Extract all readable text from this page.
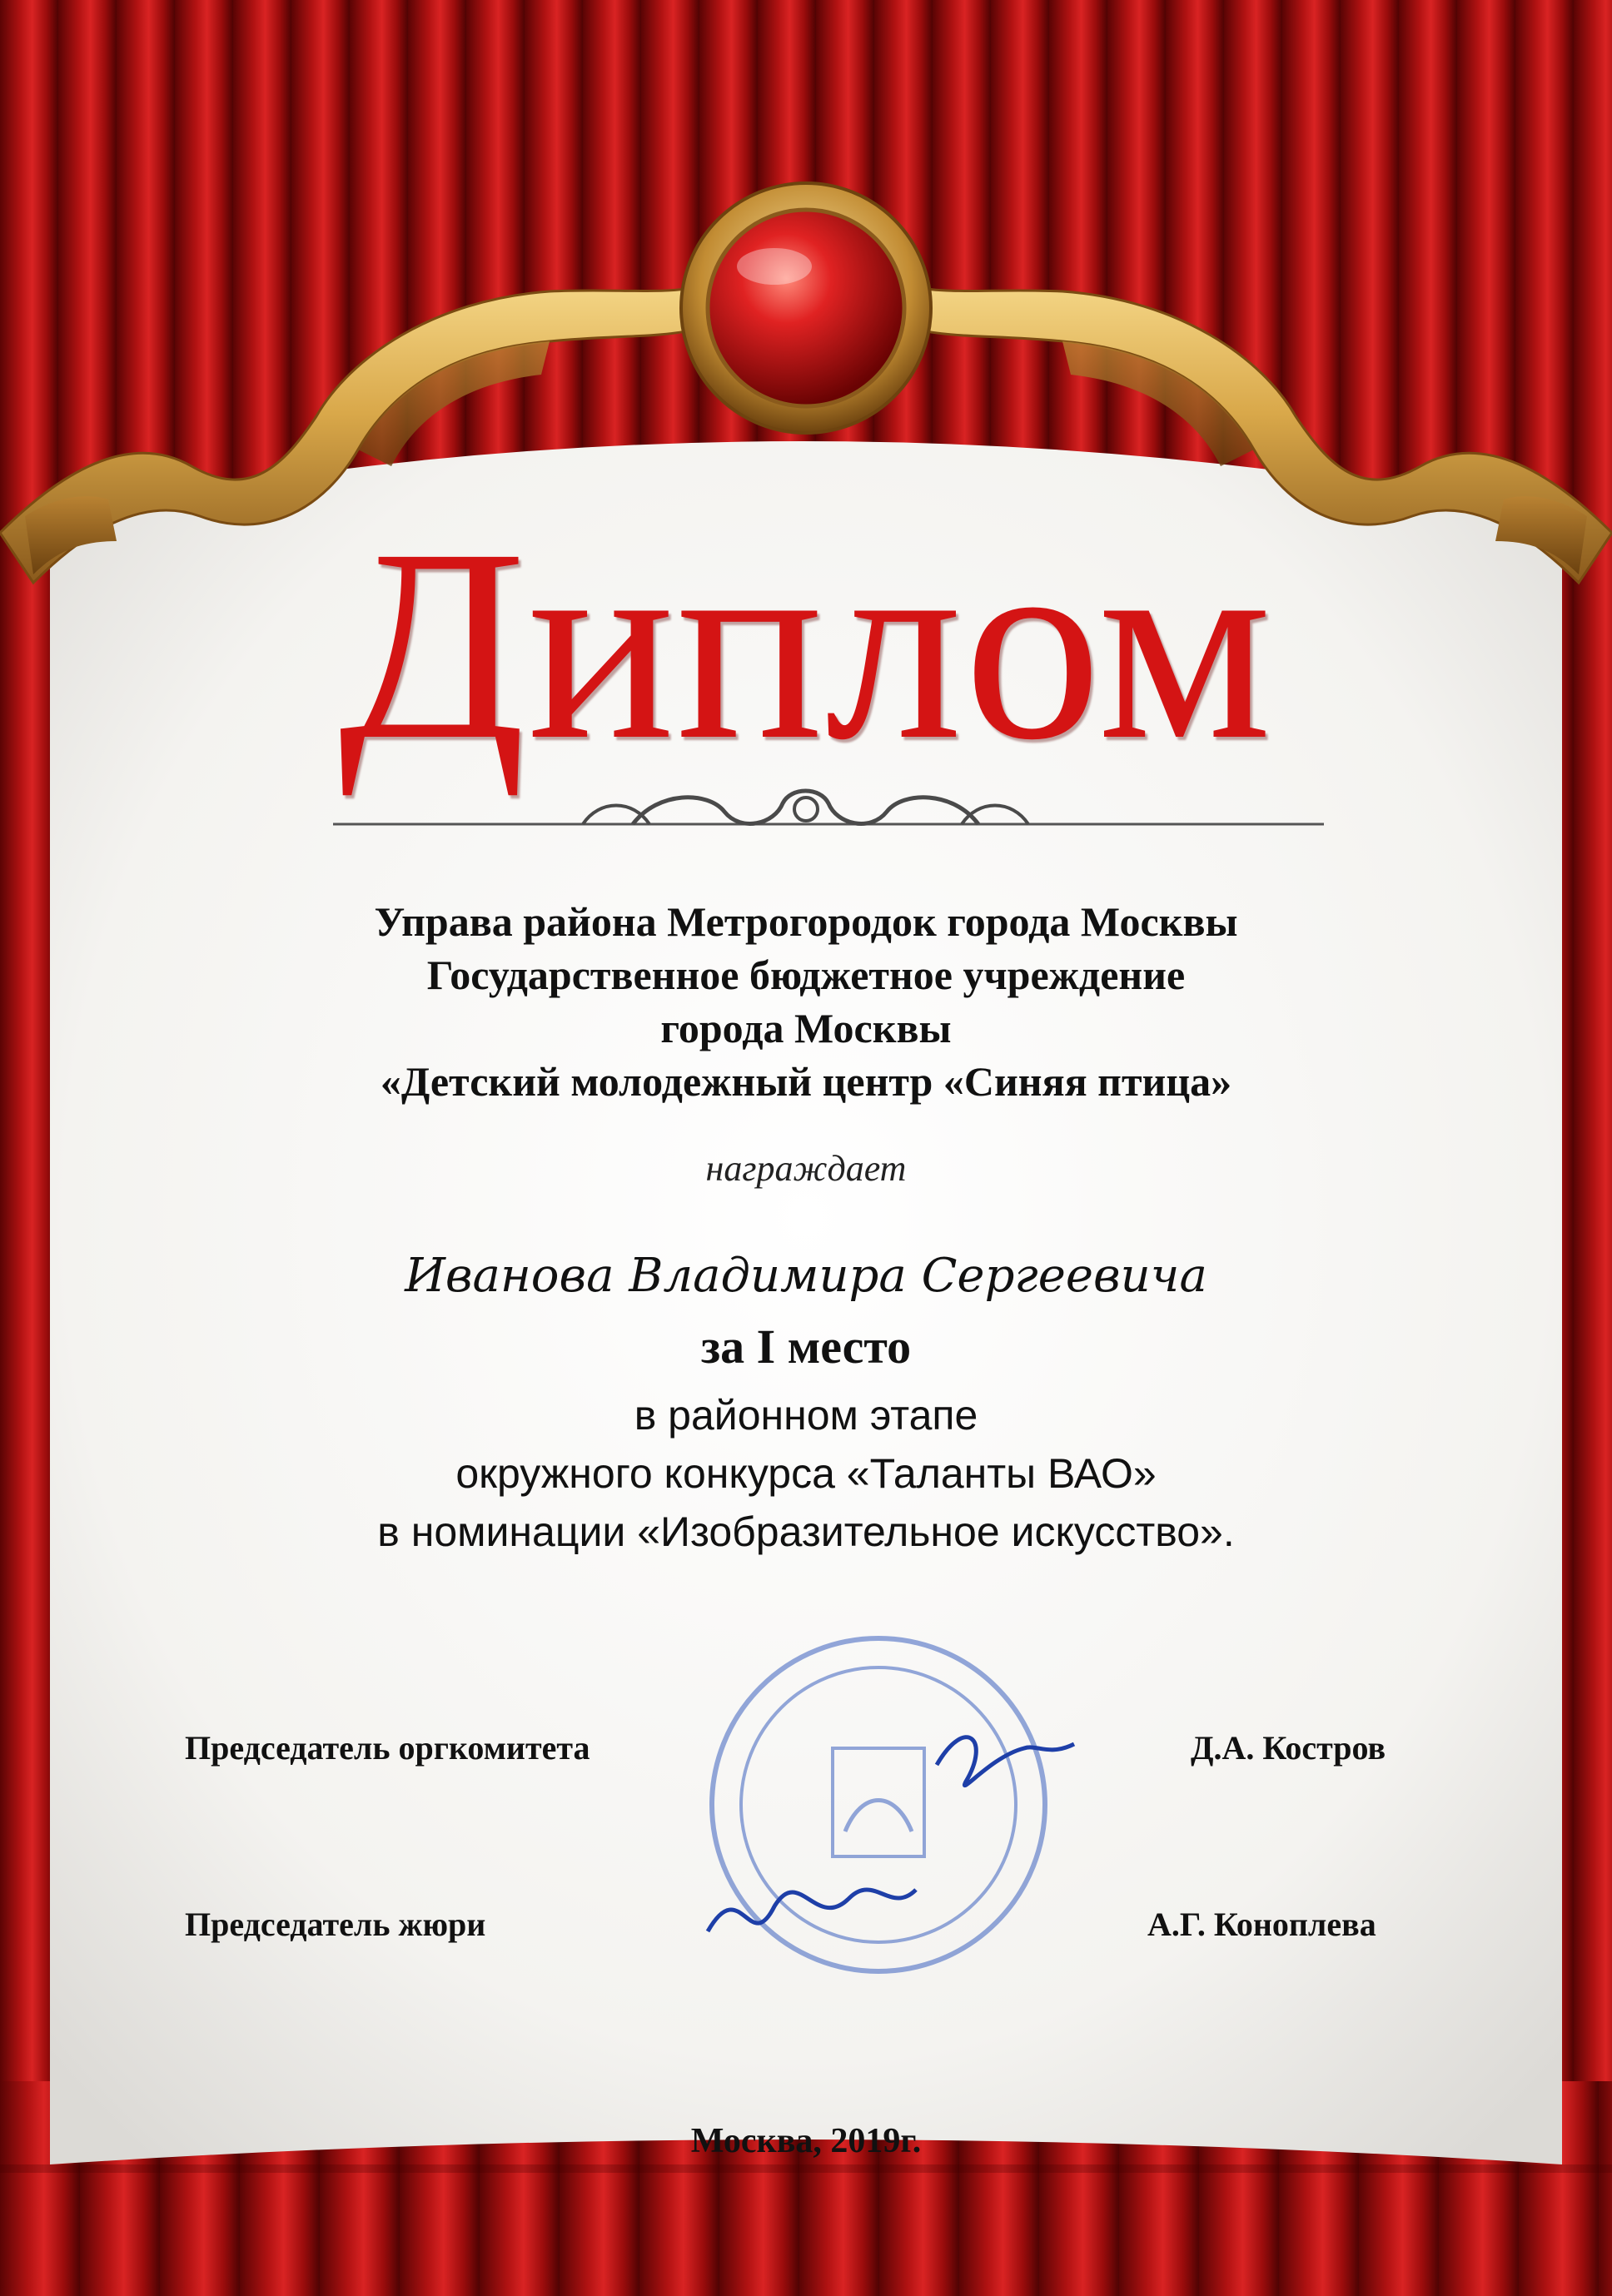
Диплом
Управа района Метрогородок города Москвы
Государственное бюджетное учреждение
города Москвы
«Детский молодежный центр «Синяя птица»
награждает
Иванова Владимира Сергеевича
за I место
в районном этапе
окружного конкурса «Таланты ВАО»
в номинации «Изобразительное искусство».
Председатель оргкомитета	Д.А. Костров
Председатель жюри	А.Г. Коноплева
Москва, 2019г.
